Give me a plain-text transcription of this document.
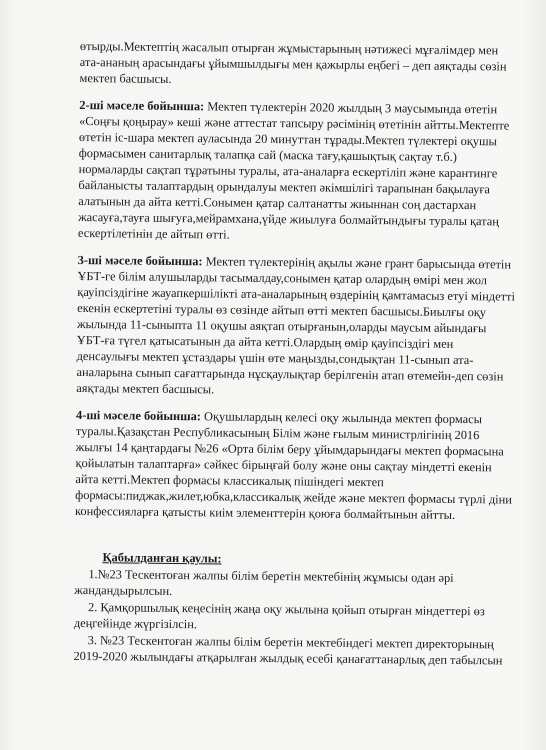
өтырды.Мектептің жасалып отырған жұмыстарының нәтижесі мұғалімдер мен ата-ананың арасындағы ұйымшылдығы мен қажырлы еңбегі – деп аяқтады сөзін мектеп басшысы.

2-ші мәселе бойынша: Мектеп түлектерін 2020 жылдың 3 маусымында өтетін «Соңғы қоңырау» кеші және аттестат тапсыру рәсімінің өтетінін айтты.Мектепте өтетін іс-шара мектеп ауласында 20 минуттан тұрады.Мектеп түлектері оқушы формасымен санитарлық талапқа сай (маска тағу,қашықтық сақтау т.б.) нормаларды сақтап тұратыны туралы, ата-аналарға ескертіліп және карантинге байланысты талаптардың орындалуы мектеп әкімшілігі тарапынан бақылауға алатынын да айта кетті.Сонымен қатар салтанатты жиыннан соң дастархан жасауға,тауға шығуға,мейрамхана,үйде жиылуға болмайтындығы туралы қатаң ескертілетінін де айтып өтті.

3-ші мәселе бойынша: Мектеп түлектерінің ақылы және грант барысында өтетін ҰБТ-ге білім алушыларды тасымалдау,сонымен қатар олардың өмірі мен жол қауіпсіздігіне жауапкершілікті ата-аналарының өздерінің қамтамасыз етуі міндетті екенін ескертетіні туралы өз сөзінде айтып өтті мектеп басшысы.Биылғы оқу жылында 11-сыныпта 11 оқушы аяқтап отырғанын,оларды маусым айындағы ҰБТ-ға түгел қатысатынын да айта кетті.Олардың өмір қауіпсіздігі мен денсаулығы мектеп ұстаздары үшін өте маңызды,сондықтан 11-сынып ата-аналарына сынып сағаттарында нұсқаулықтар берілгенін атап өтемейн-деп сөзін аяқтады мектеп басшысы.

4-ші мәселе бойынша: Оқушылардың келесі оқу жылында мектеп формасы туралы.Қазақстан Республикасының Білім және ғылым министрлігінің 2016 жылғы 14 қаңтардағы №26 «Орта білім беру ұйымдарындағы мектеп формасына қойылатын талаптарға» сәйкес бірыңғай болу және оны сақтау міндетті екенін айта кетті.Мектеп формасы классикалық пішіндегі мектеп формасы:пиджак,жилет,юбка,классикалық жейде және мектеп формасы түрлі діни конфессияларға қатысты киім элементтерін қоюға болмайтынын айтты.

Қабылданған қаулы:
1.№23 Тескентоған жалпы білім беретін мектебінің жұмысы одан әрі жандандырылсын.
2. Қамқоршылық кеңесінің жаңа оқу жылына қойып отырған міндеттері өз деңгейінде жүргізілсін.
3. №23 Тескентоған жалпы білім беретін мектебіндегі мектеп директорының 2019-2020 жылындағы атқарылған жылдық есебі қанағаттанарлық деп табылсын
